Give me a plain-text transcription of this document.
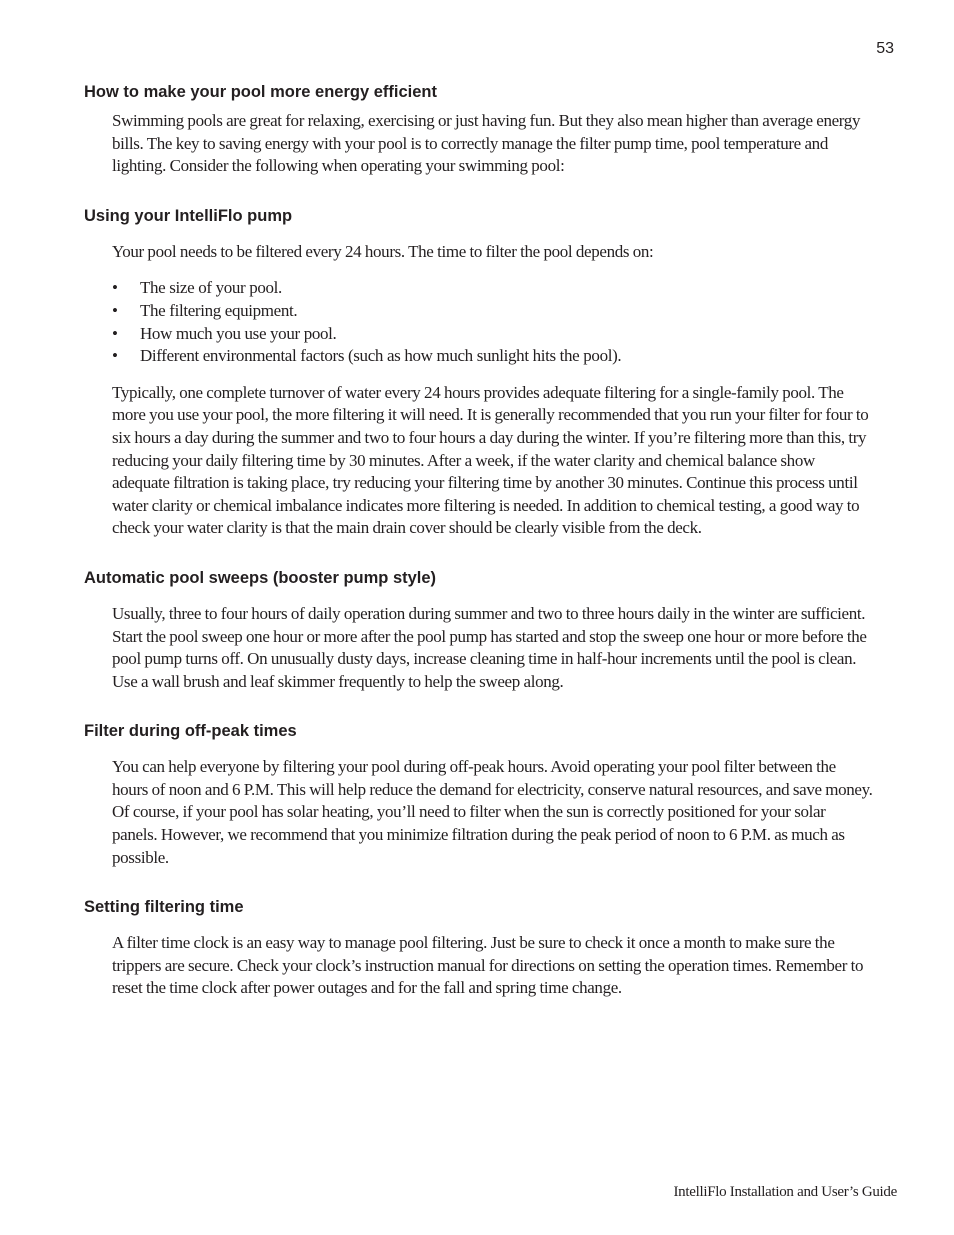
53
How to make your pool more energy efficient

Swimming pools are great for relaxing, exercising or just having fun. But they also mean higher than average energy bills. The key to saving energy with your pool is to correctly manage the filter pump time, pool temperature and lighting. Consider the following when operating your swimming pool:

Using your IntelliFlo pump

Your pool needs to be filtered every 24 hours. The time to filter the pool depends on:

• The size of your pool.
• The filtering equipment.
• How much you use your pool.
• Different environmental factors (such as how much sunlight hits the pool).

Typically, one complete turnover of water every 24 hours provides adequate filtering for a single-family pool. The more you use your pool, the more filtering it will need. It is generally recommended that you run your filter for four to six hours a day during the summer and two to four hours a day during the winter. If you’re filtering more than this, try reducing your daily filtering time by 30 minutes. After a week, if the water clarity and chemical balance show adequate filtration is taking place, try reducing your filtering time by another 30 minutes. Continue this process until water clarity or chemical imbalance indicates more filtering is needed. In addition to chemical testing, a good way to check your water clarity is that the main drain cover should be clearly visible from the deck.

Automatic pool sweeps (booster pump style)

Usually, three to four hours of daily operation during summer and two to three hours daily in the winter are sufficient. Start the pool sweep one hour or more after the pool pump has started and stop the sweep one hour or more before the pool pump turns off. On unusually dusty days, increase cleaning time in half-hour increments until the pool is clean. Use a wall brush and leaf skimmer frequently to help the sweep along.

Filter during off-peak times

You can help everyone by filtering your pool during off-peak hours. Avoid operating your pool filter between the hours of noon and 6 P.M. This will help reduce the demand for electricity, conserve natural resources, and save money. Of course, if your pool has solar heating, you’ll need to filter when the sun is correctly positioned for your solar panels. However, we recommend that you minimize filtration during the peak period of noon to 6 P.M. as much as possible.

Setting filtering time

A filter time clock is an easy way to manage pool filtering. Just be sure to check it once a month to make sure the trippers are secure. Check your clock’s instruction manual for directions on setting the operation times. Remember to reset the time clock after power outages and for the fall and spring time change.

IntelliFlo Installation and User’s Guide
